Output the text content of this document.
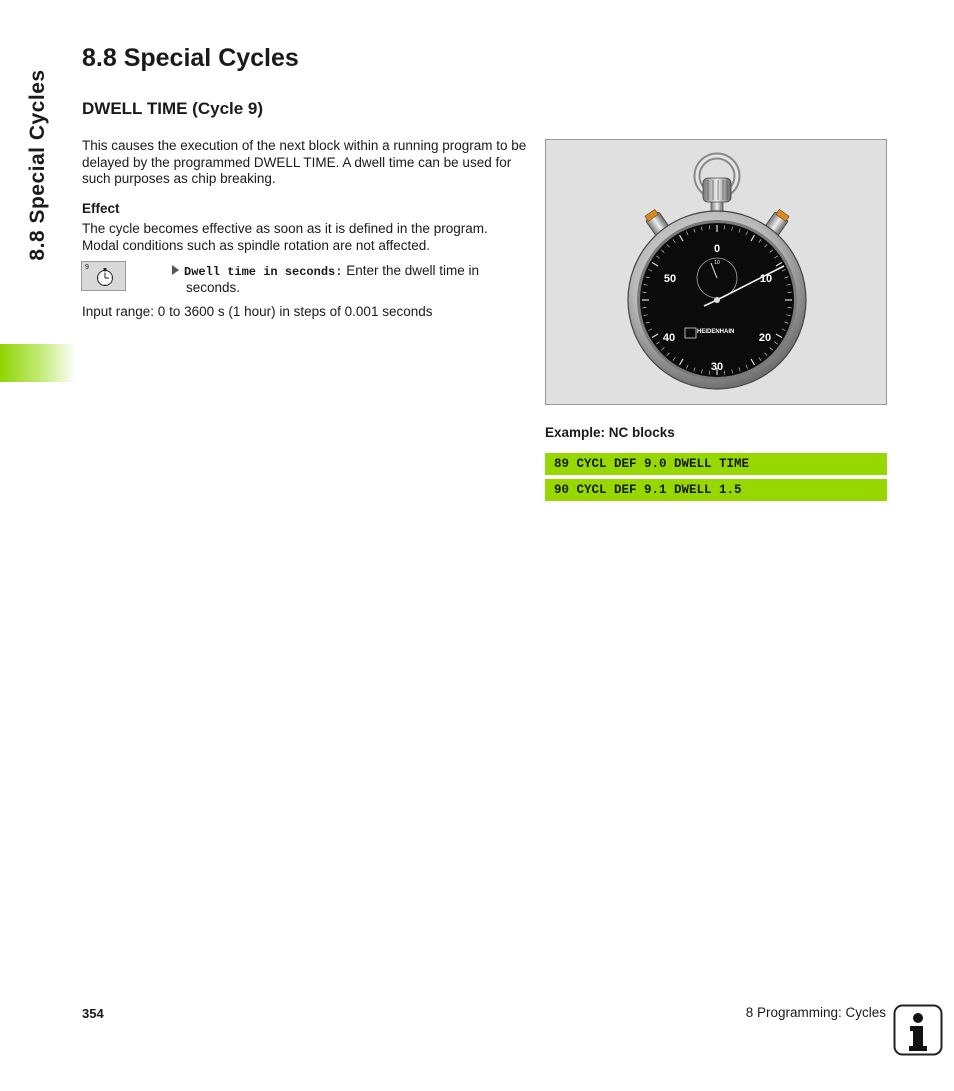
8.8 Special Cycles
8.8 Special Cycles
DWELL TIME (Cycle 9)

This causes the execution of the next block within a running program to be delayed by the programmed DWELL TIME. A dwell time can be used for such purposes as chip breaking.

Effect

The cycle becomes effective as soon as it is defined in the program. Modal conditions such as spindle rotation are not affected.

9	Dwell time in seconds: Enter the dwell time in
seconds.

Input range: 0 to 3600 s (1 hour) in steps of 0.001 seconds

10
0
10
20
30
40
50
HEIDENHAIN

Example: NC blocks

89 CYCL DEF 9.0 DWELL TIME
90 CYCL DEF 9.1 DWELL 1.5
354	8 Programming: Cycles
